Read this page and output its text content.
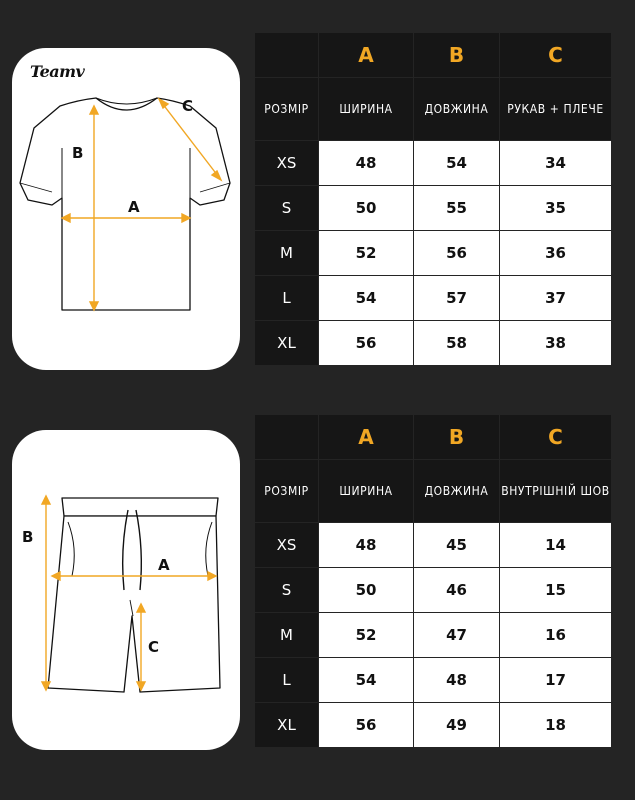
Teamv
A
B
C
A
B
C
	A	B	C
РОЗМІР	ШИРИНА	ДОВЖИНА	РУКАВ + ПЛЕЧЕ
XS	48	54	34
S	50	55	35
M	52	56	36
L	54	57	37
XL	56	58	38
	A	B	C
РОЗМІР	ШИРИНА	ДОВЖИНА	ВНУТРІШНІЙ ШОВ
XS	48	45	14
S	50	46	15
M	52	47	16
L	54	48	17
XL	56	49	18
